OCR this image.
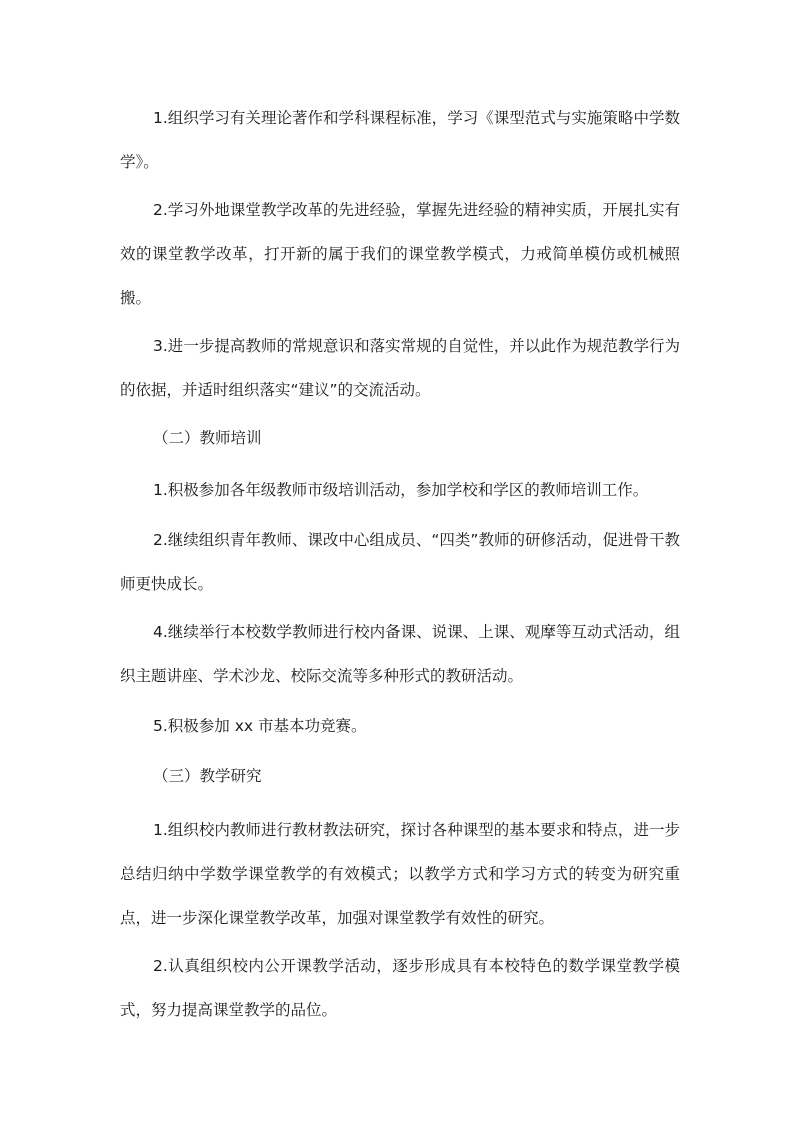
1.组织学习有关理论著作和学科课程标准，学习《课型范式与实施策略中学数学》。

2.学习外地课堂教学改革的先进经验，掌握先进经验的精神实质，开展扎实有效的课堂教学改革，打开新的属于我们的课堂教学模式，力戒简单模仿或机械照搬。

3.进一步提高教师的常规意识和落实常规的自觉性，并以此作为规范教学行为的依据，并适时组织落实“建议”的交流活动。

（二）教师培训

1.积极参加各年级教师市级培训活动，参加学校和学区的教师培训工作。

2.继续组织青年教师、课改中心组成员、“四类”教师的研修活动，促进骨干教师更快成长。

4.继续举行本校数学教师进行校内备课、说课、上课、观摩等互动式活动，组织主题讲座、学术沙龙、校际交流等多种形式的教研活动。

5.积极参加 xx 市基本功竞赛。

（三）教学研究

1.组织校内教师进行教材教法研究，探讨各种课型的基本要求和特点，进一步总结归纳中学数学课堂教学的有效模式；以教学方式和学习方式的转变为研究重点，进一步深化课堂教学改革，加强对课堂教学有效性的研究。

2.认真组织校内公开课教学活动，逐步形成具有本校特色的数学课堂教学模式，努力提高课堂教学的品位。
